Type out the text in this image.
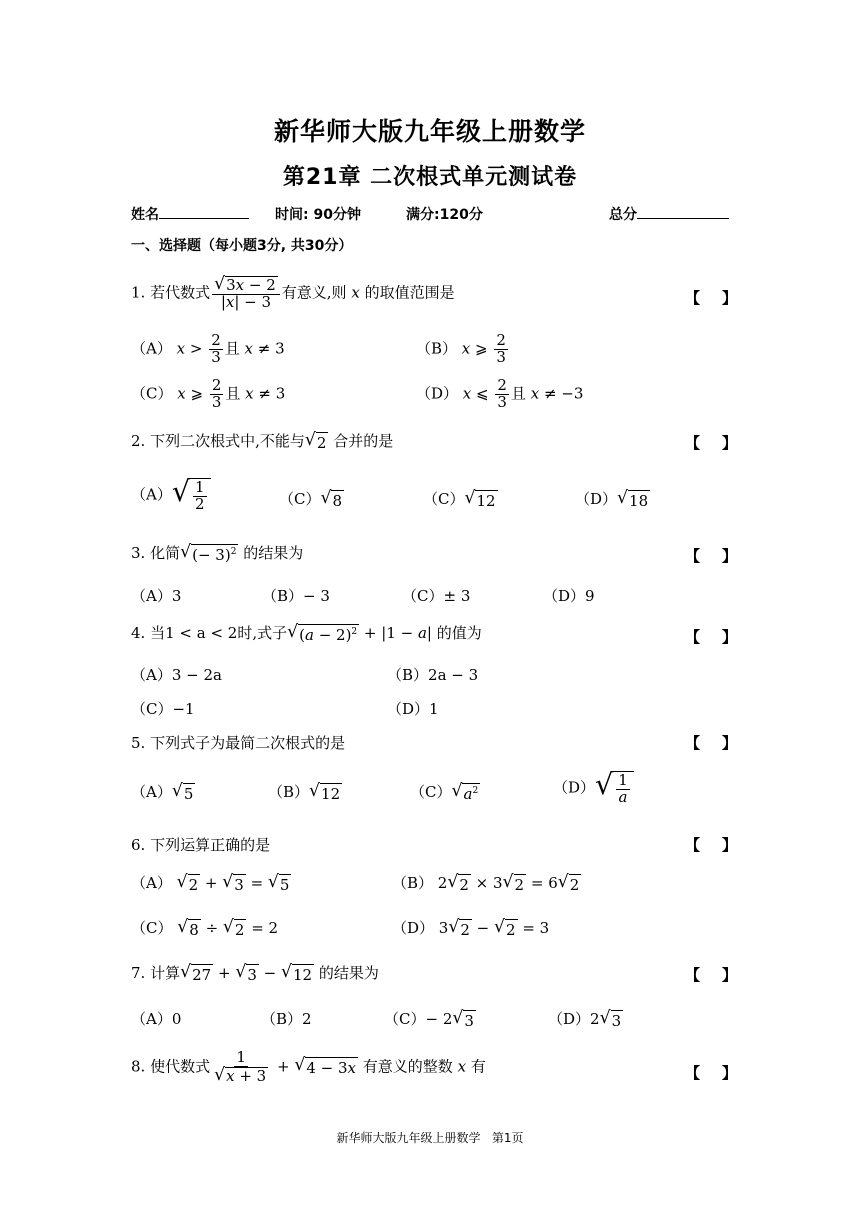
新华师大版九年级上册数学
第21章 二次根式单元测试卷
姓名	时间: 90分钟	满分:120分	总分
一、选择题（每小题3分, 共30分）
1. 若代数式 $\frac{√ 3x - 2}{|x| - 3}$ 有意义,则 x 的取值范围是	【 】
（A） $x > \frac{2}{3}$ 且 x ≠ 3	（B） x ⩾ $\frac{2}{3}$
（C） x ⩾ $\frac{2}{3}$ 且 x ≠ 3	（D） x ⩽ $\frac{2}{3}$ 且 x ≠ −3
2. 下列二次根式中,不能与 √ 2 合并的是	【 】
（A） √ $\frac{1}{2}$	（C） √ 8	（C） √ 12	（D） √ 18
3. 化简 √ (− 3)$^2$ 的结果为	【 】
（A）3	（B）− 3	（C）± 3	（D）9
4. 当1 < a < 2时,式子 √ $(a - 2)^2 + |1 - a|$ 的值为	【 】
（A）3 − 2a	（B）2a − 3
（C）−1	（D）1
5. 下列式子为最简二次根式的是	【 】
（A） √ 5	（B） √ 12	（C） √ $a^2$	（D） √ $\frac{1}{a}$
6. 下列运算正确的是	【 】
（A） √ 2 + √ 3 = √ 5	（B） 2 √ 2 × 3 √ 2 = 6 √ 2
（C） √ 8 ÷ √ 2 = 2	（D） 3 √ 2 − √ 2 = 3
7. 计算 √ 27 + √ 3 − √ 12 的结果为	【 】
（A）0	（B）2	（C）− 2 √ 3	（D）2 √ 3
8. 使代数式 $\frac{1}{√ x + 3}$ + √ 4 − 3x 有意义的整数 x 有	【 】
新华师大版九年级上册数学 第1页
